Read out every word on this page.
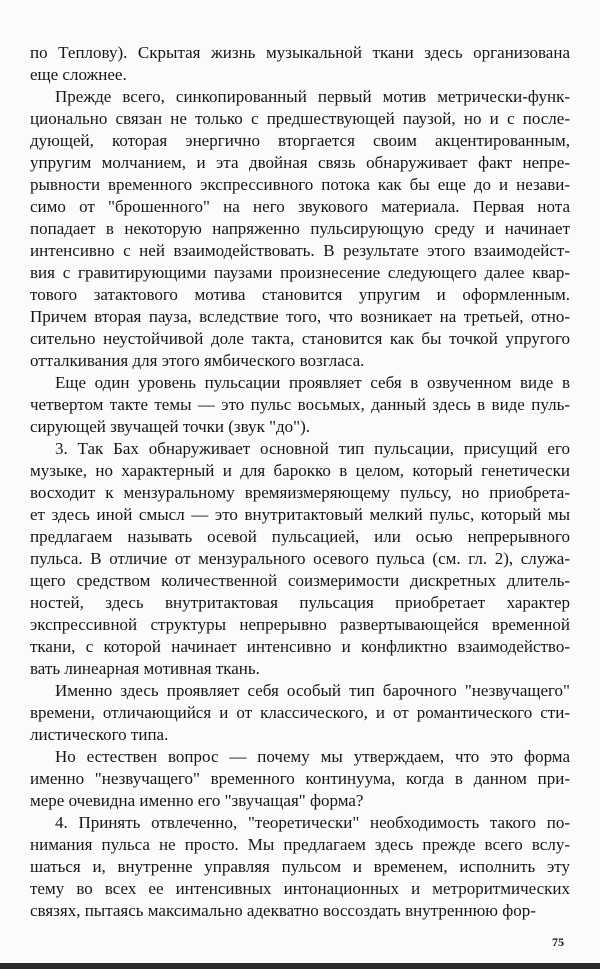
по Теплову). Скрытая жизнь музыкальной ткани здесь организована
еще сложнее.
Прежде всего, синкопированный первый мотив метрически-функ-
ционально связан не только с предшествующей паузой, но и с после-
дующей, которая энергично вторгается своим акцентированным,
упругим молчанием, и эта двойная связь обнаруживает факт непре-
рывности временного экспрессивного потока как бы еще до и незави-
симо от "брошенного" на него звукового материала. Первая нота
попадает в некоторую напряженно пульсирующую среду и начинает
интенсивно с ней взаимодействовать. В результате этого взаимодейст-
вия с гравитирующими паузами произнесение следующего далее квар-
тового затактового мотива становится упругим и оформленным.
Причем вторая пауза, вследствие того, что возникает на третьей, отно-
сительно неустойчивой доле такта, становится как бы точкой упругого
отталкивания для этого ямбического возгласа.
Еще один уровень пульсации проявляет себя в озвученном виде в
четвертом такте темы — это пульс восьмых, данный здесь в виде пуль-
сирующей звучащей точки (звук "до").
3. Так Бах обнаруживает основной тип пульсации, присущий его
музыке, но характерный и для барокко в целом, который генетически
восходит к мензуральному времяизмеряющему пульсу, но приобрета-
ет здесь иной смысл — это внутритактовый мелкий пульс, который мы
предлагаем называть осевой пульсацией, или осью непрерывного
пульса. В отличие от мензурального осевого пульса (см. гл. 2), служа-
щего средством количественной соизмеримости дискретных длитель-
ностей, здесь внутритактовая пульсация приобретает характер
экспрессивной структуры непрерывно развертывающейся временной
ткани, с которой начинает интенсивно и конфликтно взаимодейство-
вать линеарная мотивная ткань.
Именно здесь проявляет себя особый тип барочного "незвучащего"
времени, отличающийся и от классического, и от романтического сти-
листического типа.
Но естествен вопрос — почему мы утверждаем, что это форма
именно "незвучащего" временного континуума, когда в данном при-
мере очевидна именно его "звучащая" форма?
4. Принять отвлеченно, "теоретически" необходимость такого по-
нимания пульса не просто. Мы предлагаем здесь прежде всего вслу-
шаться и, внутренне управляя пульсом и временем, исполнить эту
тему во всех ее интенсивных интонационных и метроритмических
связях, пытаясь максимально адекватно воссоздать внутреннюю фор-
75
